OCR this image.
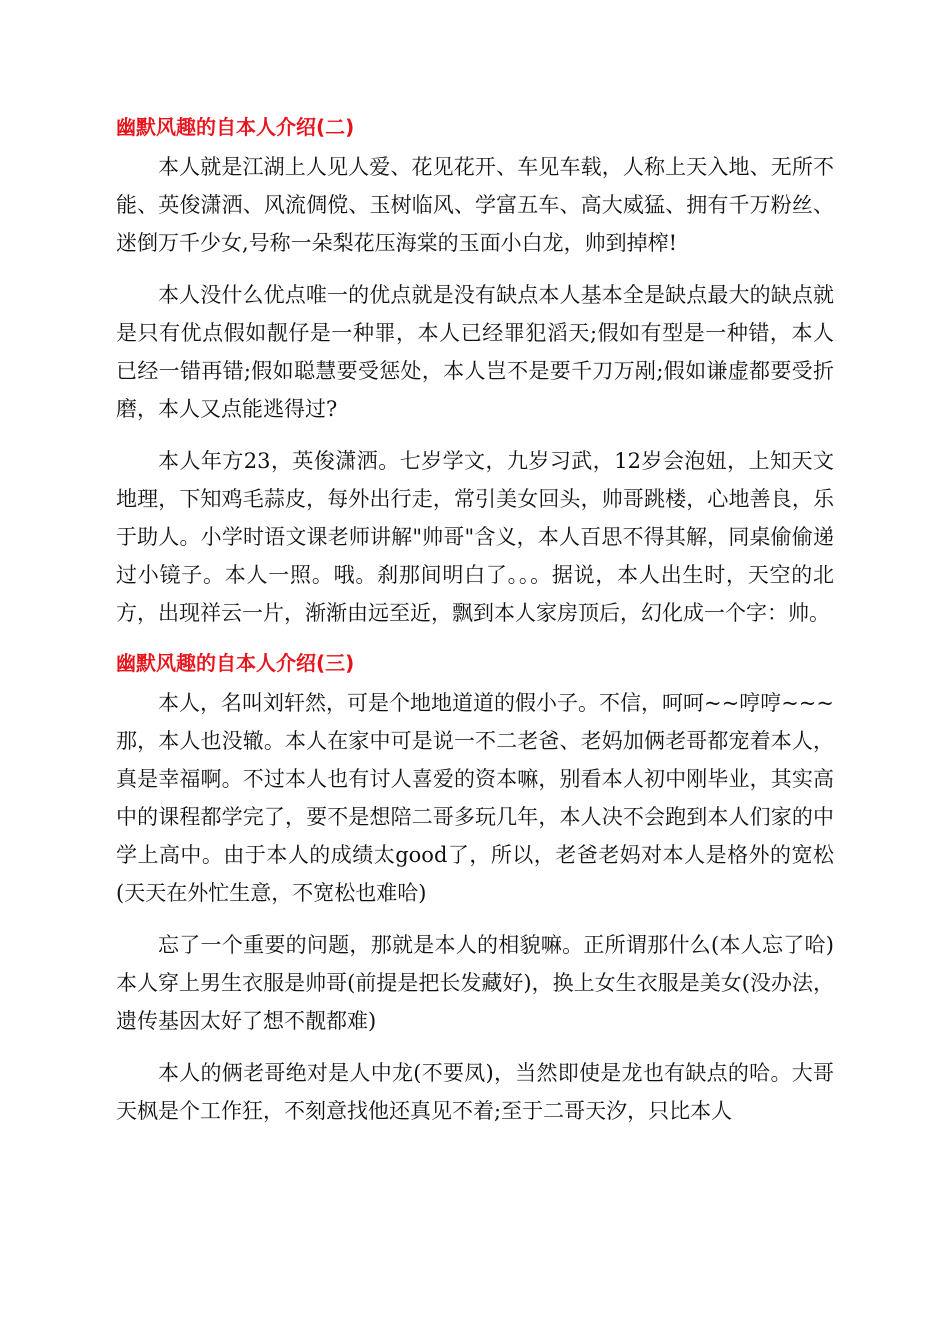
幽默风趣的自本人介绍(二)

本人就是江湖上人见人爱、花见花开、车见车载，人称上天入地、无所不能、英俊潇洒、风流倜傥、玉树临风、学富五车、高大威猛、拥有千万粉丝、迷倒万千少女,号称一朵梨花压海棠的玉面小白龙，帅到掉榨!

本人没什么优点唯一的优点就是没有缺点本人基本全是缺点最大的缺点就是只有优点假如靓仔是一种罪，本人已经罪犯滔天;假如有型是一种错，本人已经一错再错;假如聪慧要受惩处，本人岂不是要千刀万剐;假如谦虚都要受折磨，本人又点能逃得过?

本人年方23，英俊潇洒。七岁学文，九岁习武，12岁会泡妞，上知天文地理，下知鸡毛蒜皮，每外出行走，常引美女回头，帅哥跳楼，心地善良，乐于助人。小学时语文课老师讲解"帅哥"含义，本人百思不得其解，同桌偷偷递过小镜子。本人一照。哦。刹那间明白了。。。据说，本人出生时，天空的北方，出现祥云一片，渐渐由远至近，飘到本人家房顶后，幻化成一个字：帅。

幽默风趣的自本人介绍(三)

本人，名叫刘轩然，可是个地地道道的假小子。不信，呵呵~~哼哼~~~那，本人也没辙。本人在家中可是说一不二老爸、老妈加俩老哥都宠着本人，真是幸福啊。不过本人也有讨人喜爱的资本嘛，别看本人初中刚毕业，其实高中的课程都学完了，要不是想陪二哥多玩几年，本人决不会跑到本人们家的中学上高中。由于本人的成绩太good了，所以，老爸老妈对本人是格外的宽松(天天在外忙生意，不宽松也难哈)

忘了一个重要的问题，那就是本人的相貌嘛。正所谓那什么(本人忘了哈)本人穿上男生衣服是帅哥(前提是把长发藏好)，换上女生衣服是美女(没办法，遗传基因太好了想不靓都难)

本人的俩老哥绝对是人中龙(不要凤)，当然即使是龙也有缺点的哈。大哥天枫是个工作狂，不刻意找他还真见不着;至于二哥天汐，只比本人
